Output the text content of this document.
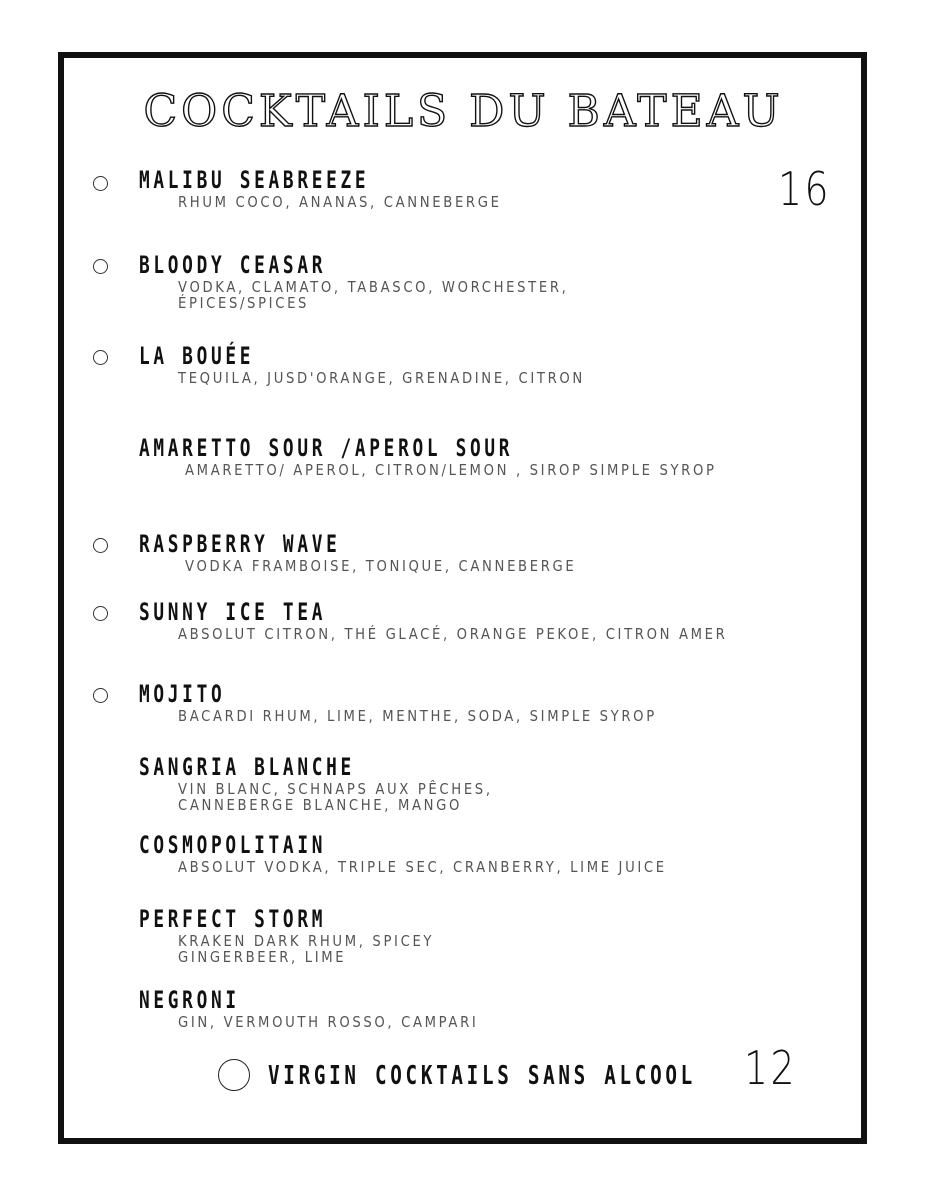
COCKTAILS DU BATEAU
16
MALIBU SEABREEZE
RHUM COCO, ANANAS, CANNEBERGE
BLOODY CEASAR
VODKA, CLAMATO, TABASCO, WORCHESTER, ÉPICES/SPICES
LA BOUÉE
TEQUILA, JUSD'ORANGE, GRENADINE, CITRON
AMARETTO SOUR /APEROL SOUR
AMARETTO/ APEROL, CITRON/LEMON , SIROP SIMPLE SYROP
RASPBERRY WAVE
VODKA FRAMBOISE, TONIQUE, CANNEBERGE
SUNNY ICE TEA
ABSOLUT CITRON, THÉ GLACÉ, ORANGE PEKOE, CITRON AMER
MOJITO
BACARDI RHUM, LIME, MENTHE, SODA, SIMPLE SYROP
SANGRIA BLANCHE
VIN BLANC, SCHNAPS AUX PÊCHES, CANNEBERGE BLANCHE, MANGO
COSMOPOLITAIN
ABSOLUT VODKA, TRIPLE SEC, CRANBERRY, LIME JUICE
PERFECT STORM
KRAKEN DARK RHUM, SPICEY GINGERBEER, LIME
NEGRONI
GIN, VERMOUTH ROSSO, CAMPARI
VIRGIN COCKTAILS SANS ALCOOL 12
